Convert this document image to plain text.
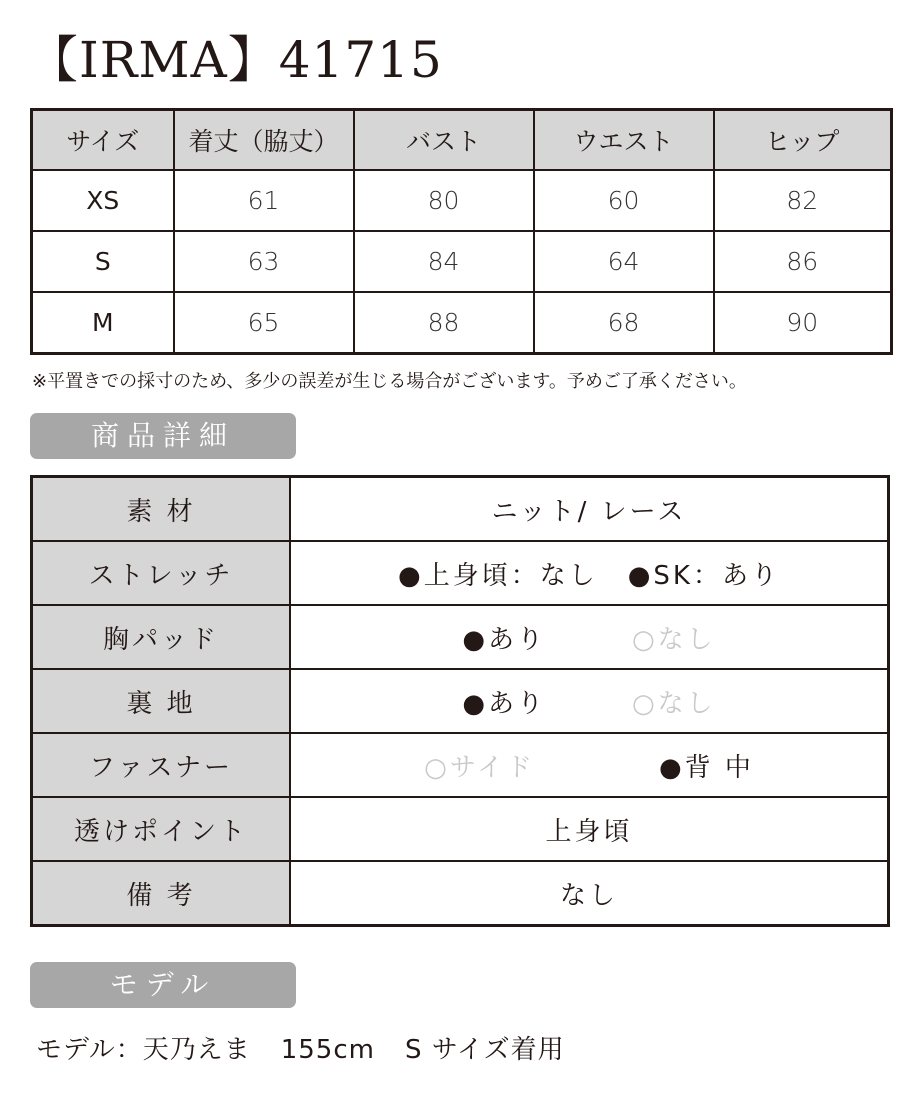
【IRMA】41715
サイズ	着丈（脇丈）	バスト	ウエスト	ヒップ
XS	61	80	60	82
S	63	84	64	86
M	65	88	68	90

※平置きでの採寸のため、多少の誤差が生じる場合がございます。予めご了承ください。

商品詳細
素 材	ニット/ レース
ストレッチ	●上身頃：なし ●SK：あり
胸パッド	●あり ○なし
裏 地	●あり ○なし
ファスナー	○サイド ●背 中
透けポイント	上身頃
備 考	なし
モデル

モデル：天乃えま 155cm S サイズ着用
